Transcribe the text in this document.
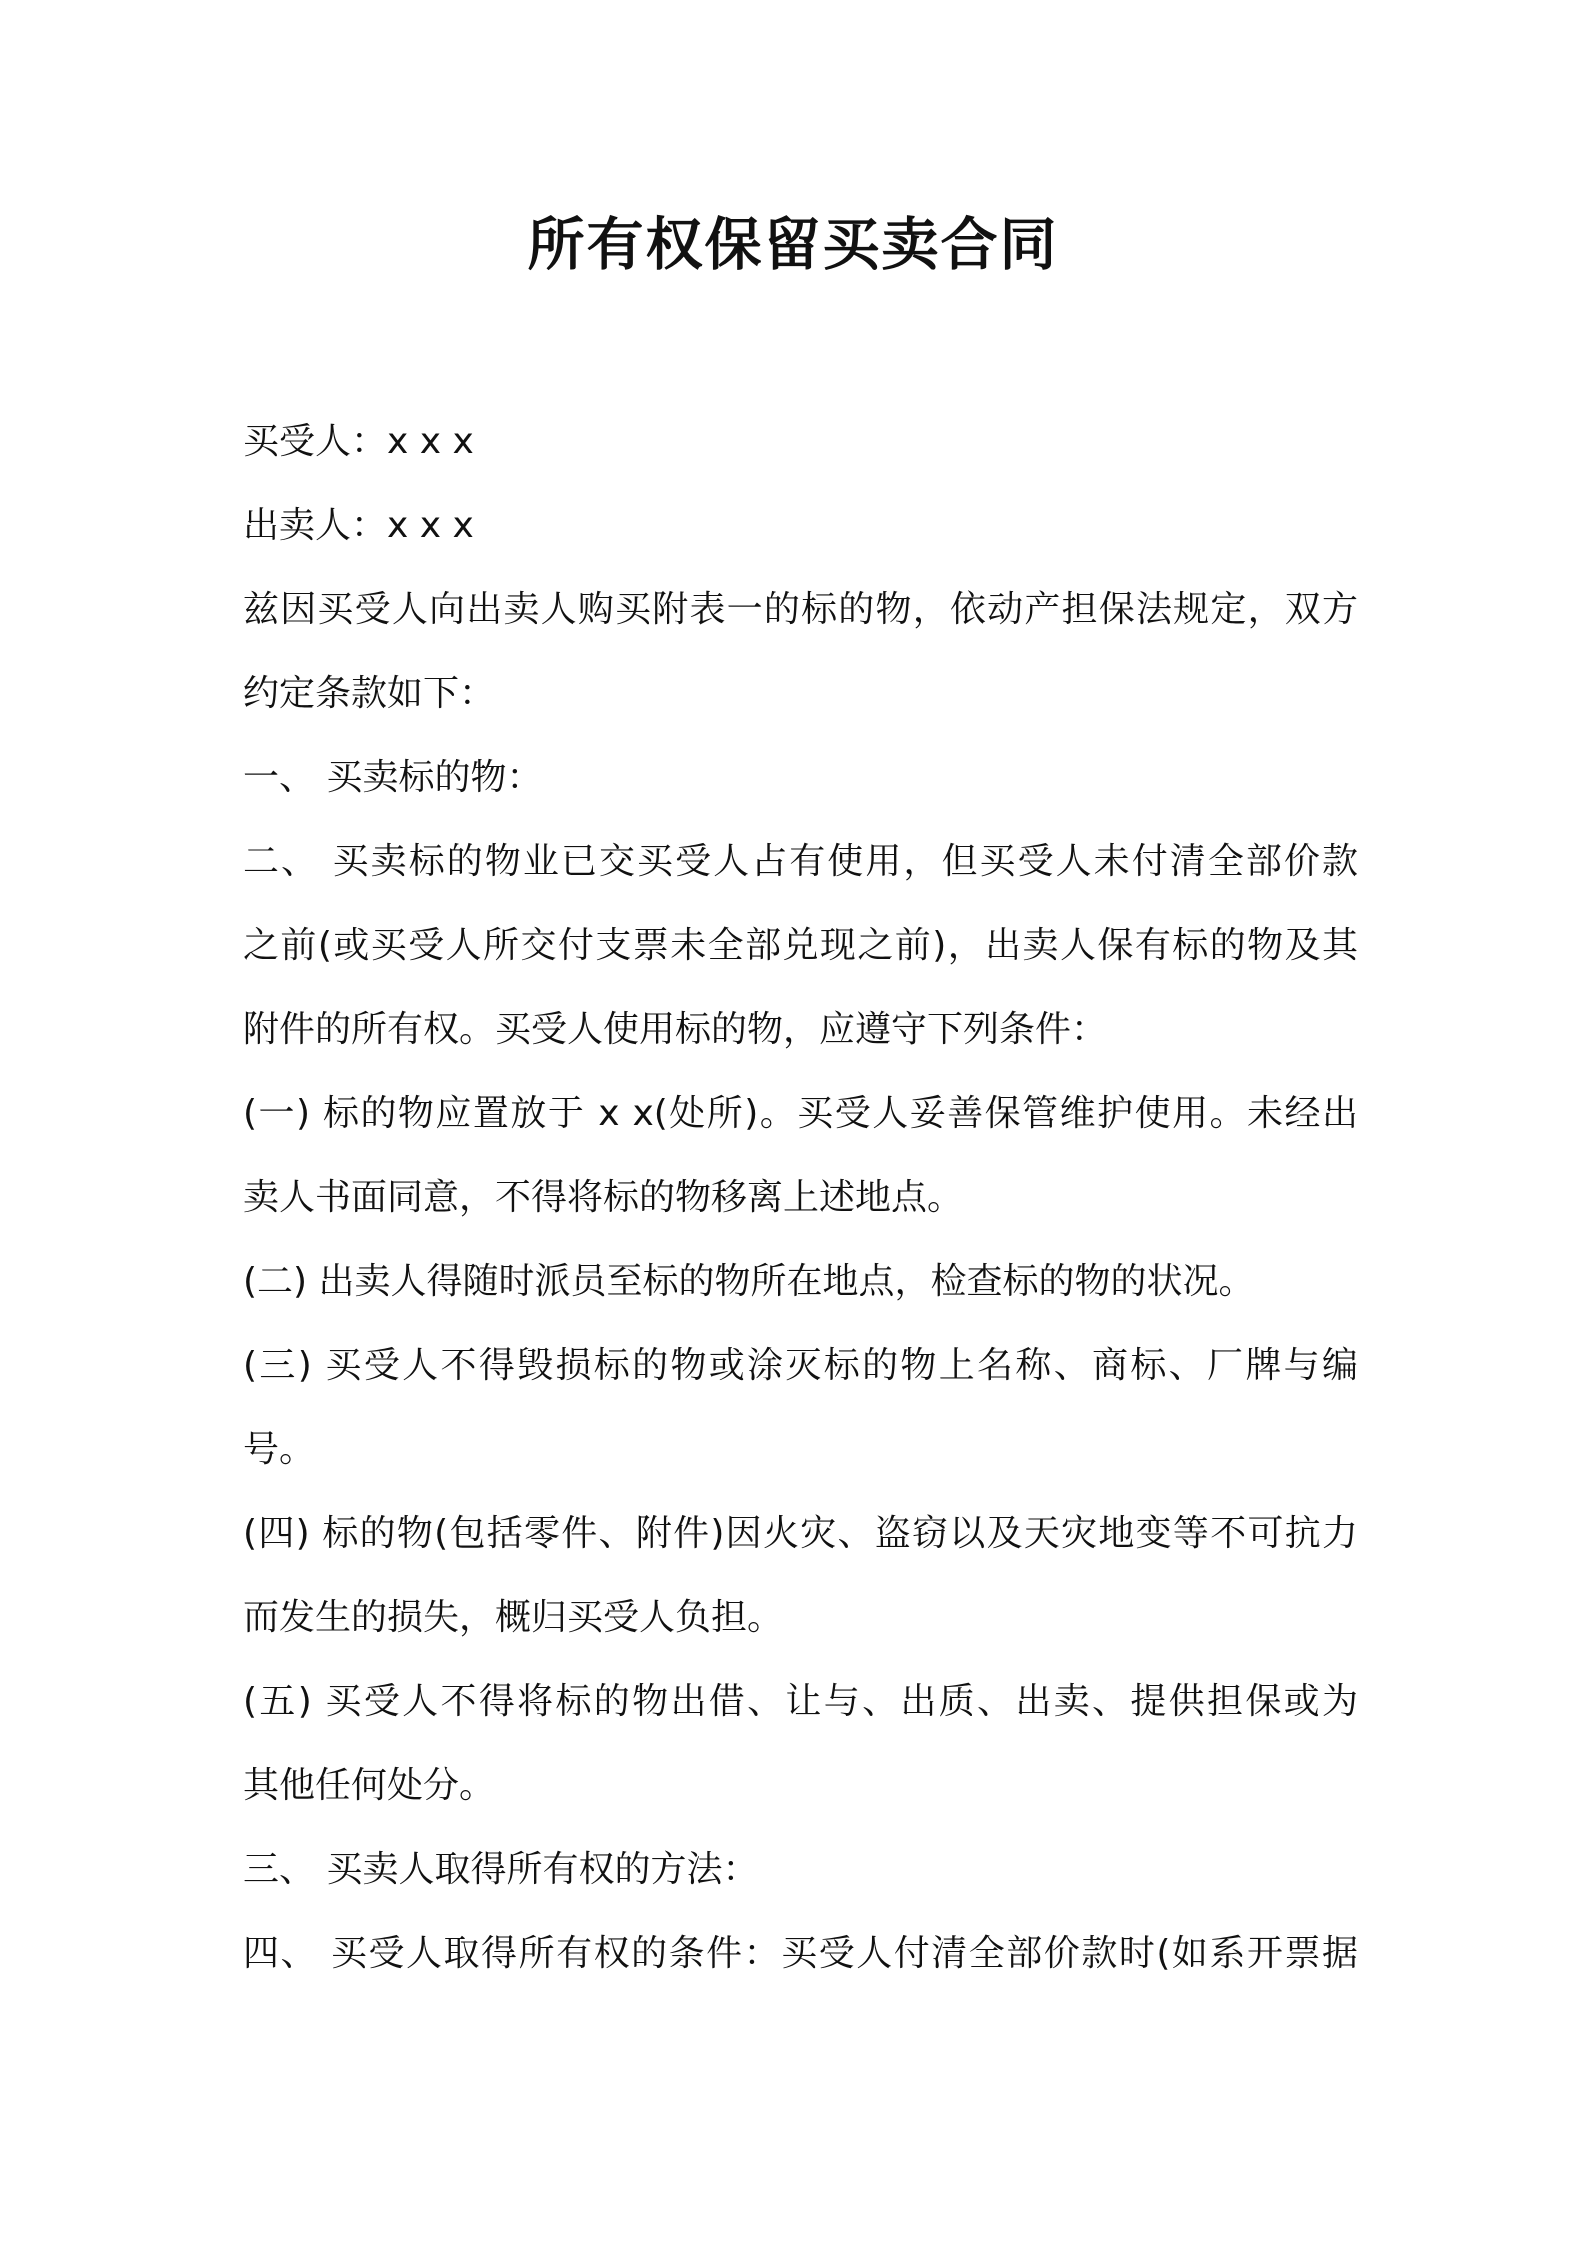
所有权保留买卖合同
买受人：x x x
出卖人：x x x
兹因买受人向出卖人购买附表一的标的物，依动产担保法规定，双方
约定条款如下：
一、 买卖标的物：
二、 买卖标的物业已交买受人占有使用，但买受人未付清全部价款
之前(或买受人所交付支票未全部兑现之前)，出卖人保有标的物及其
附件的所有权。买受人使用标的物，应遵守下列条件：
(一) 标的物应置放于 x x(处所)。买受人妥善保管维护使用。未经出
卖人书面同意，不得将标的物移离上述地点。
(二) 出卖人得随时派员至标的物所在地点，检查标的物的状况。
(三) 买受人不得毁损标的物或涂灭标的物上名称、商标、厂牌与编
号。
(四) 标的物(包括零件、附件)因火灾、盗窃以及天灾地变等不可抗力
而发生的损失，概归买受人负担。
(五) 买受人不得将标的物出借、让与、出质、出卖、提供担保或为
其他任何处分。
三、 买卖人取得所有权的方法：
四、 买受人取得所有权的条件：买受人付清全部价款时(如系开票据
